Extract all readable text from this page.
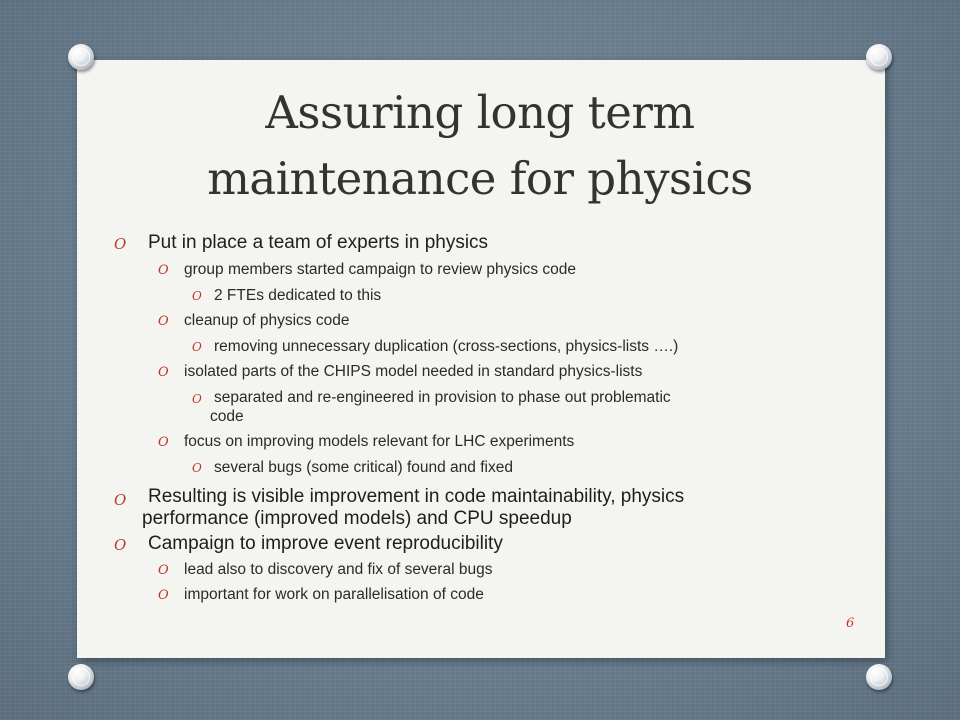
Assuring long term
maintenance for physics
O Put in place a team of experts in physics
O group members started campaign to review physics code
O 2 FTEs dedicated to this
O cleanup of physics code
O removing unnecessary duplication (cross-sections, physics-lists ….)
O isolated parts of the CHIPS model needed in standard physics-lists
O separated and re-engineered in provision to phase out problematic
code
O focus on improving models relevant for LHC experiments
O several bugs (some critical) found and fixed
O Resulting is visible improvement in code maintainability, physics
performance (improved models) and CPU speedup
O Campaign to improve event reproducibility
O lead also to discovery and fix of several bugs
O important for work on parallelisation of code
6
